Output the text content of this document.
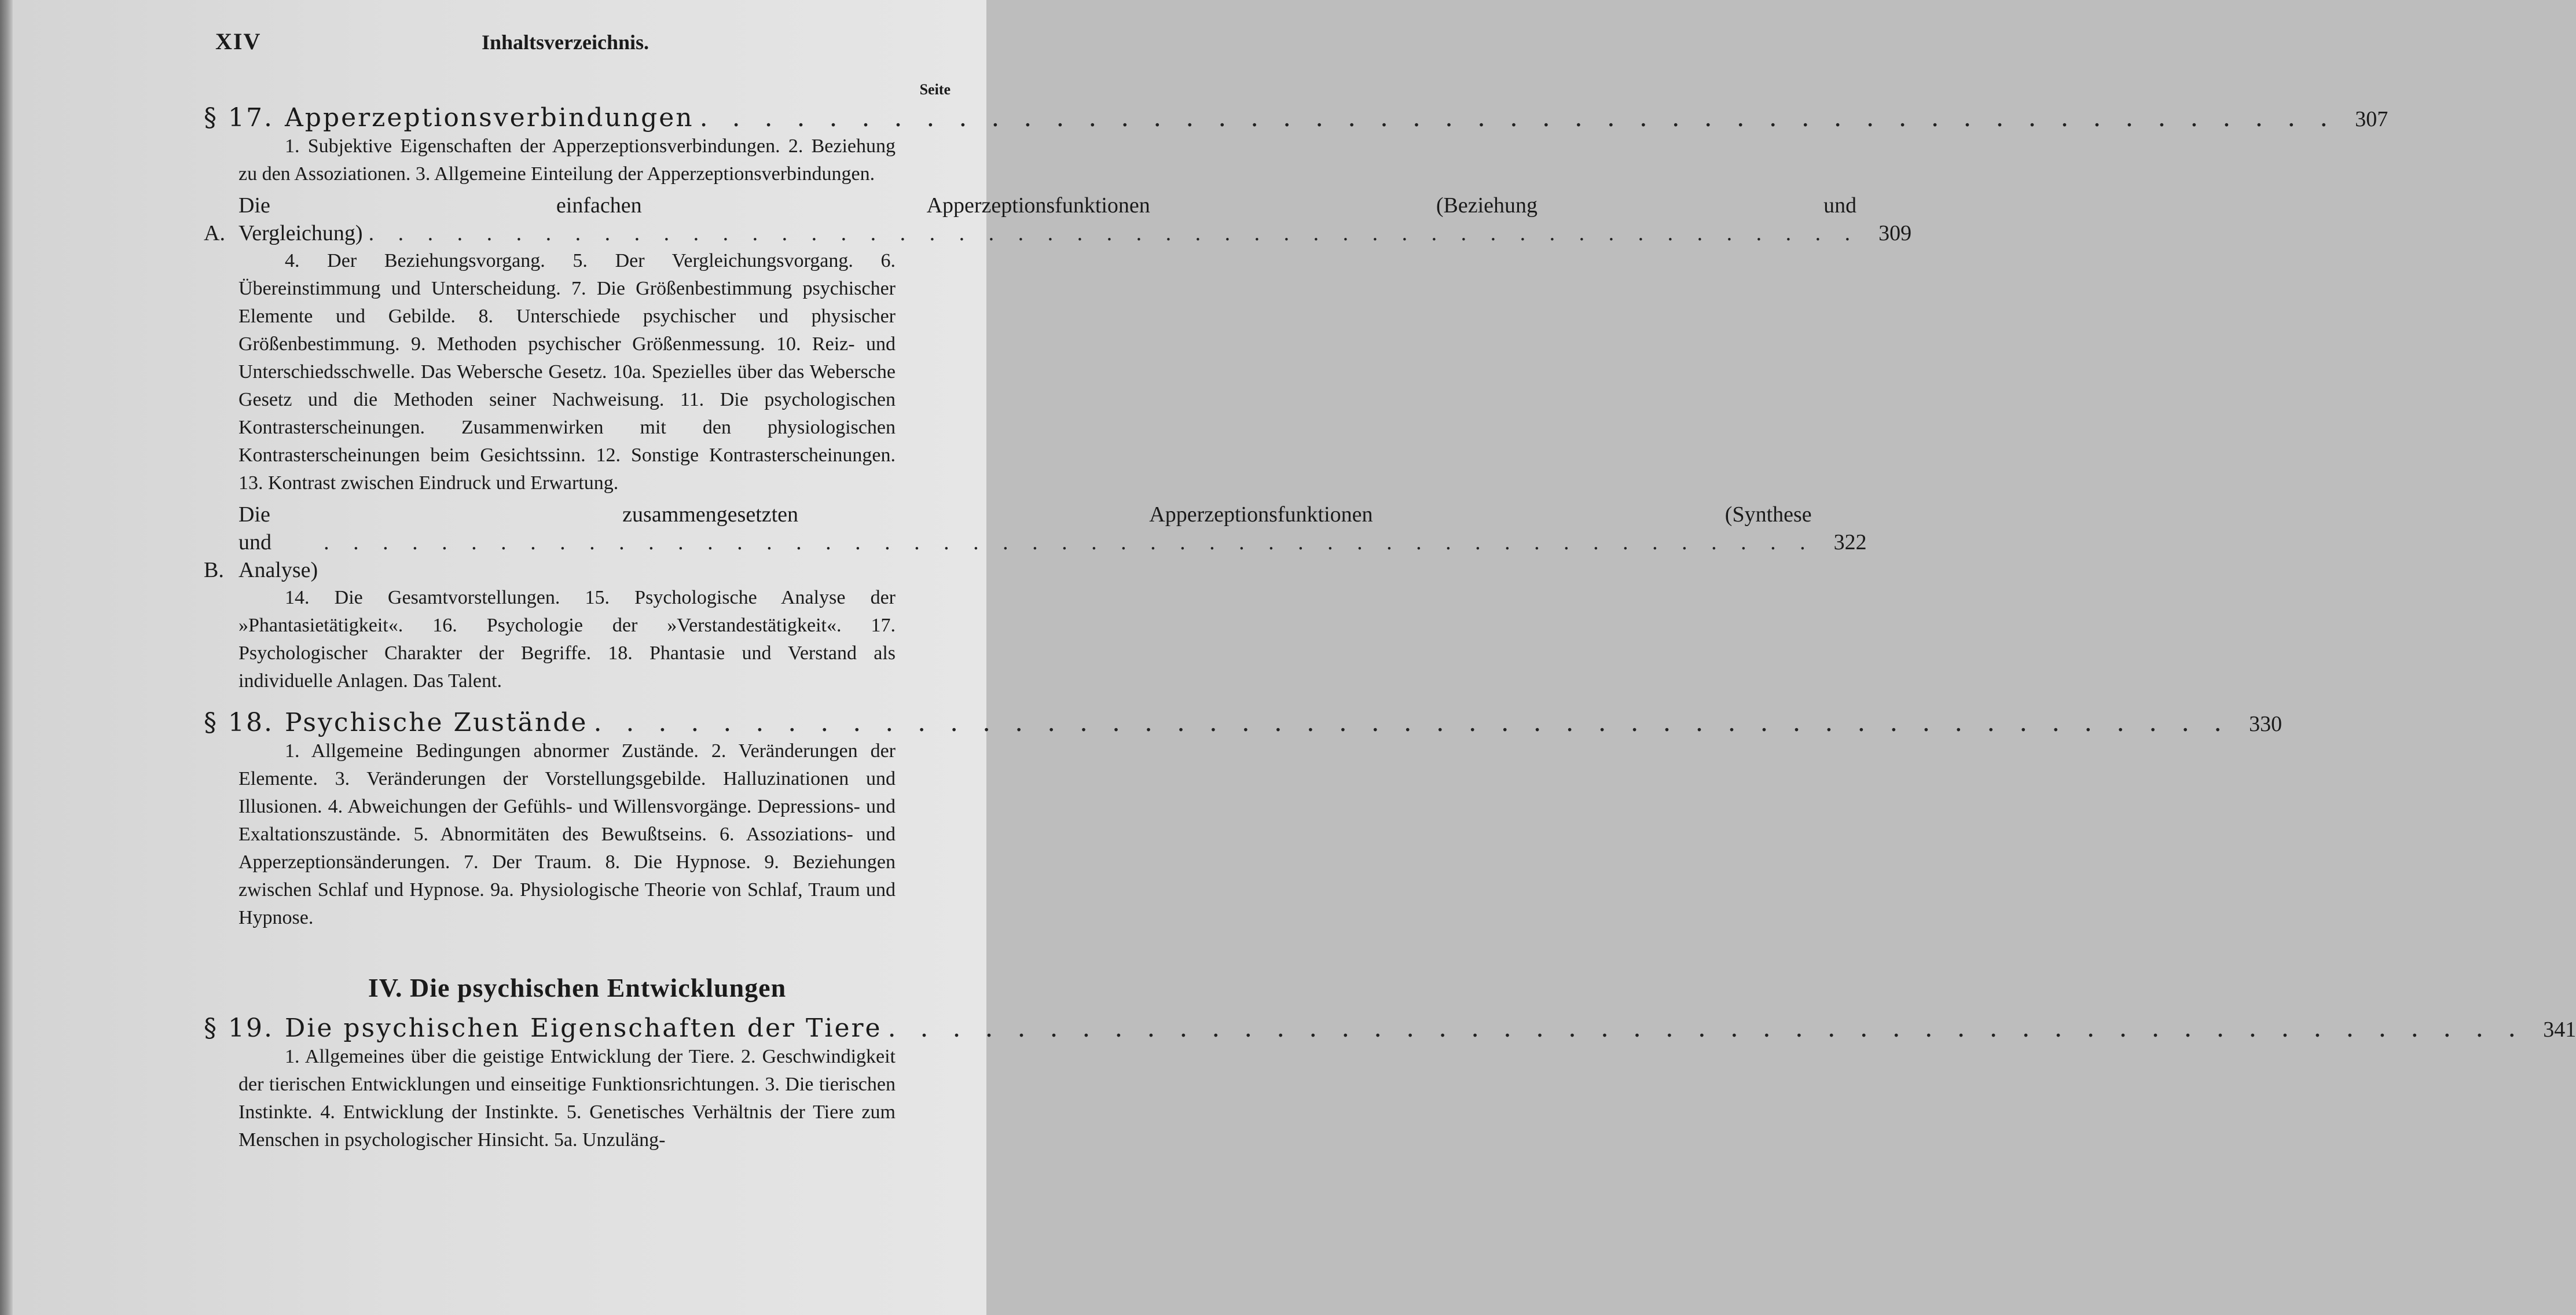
XIV	Inhaltsverzeichnis.
Seite
§ 17. Apperzeptionsverbindungen . . . . . . . . . . . . . . . . . . . . . . . . . . . . . . . . . . . . . . . . . . . . . . . . . . . 307
1. Subjektive Eigenschaften der Apperzeptionsverbindungen. 2. Beziehung zu den Assoziationen. 3. Allgemeine Einteilung der Apperzeptionsverbindungen.
A.
Die einfachen Apperzeptionsfunktionen (Beziehung und
Vergleichung) . . . . . . . . . . . . . . . . . . . . . . . . . . . . . . . . . . . . . . . . . . . . . . . . . . . 309
4. Der Beziehungsvorgang. 5. Der Vergleichungsvorgang. 6. Übereinstimmung und Unterscheidung. 7. Die Größenbestimmung psychischer Elemente und Gebilde. 8. Unterschiede psychischer und physischer Größenbestimmung. 9. Methoden psychischer Größenmessung. 10. Reiz- und Unterschiedsschwelle. Das Webersche Gesetz. 10a. Spezielles über das Webersche Gesetz und die Methoden seiner Nachweisung. 11. Die psychologischen Kontrasterscheinungen. Zusammenwirken mit den physiologischen Kontrasterscheinungen beim Gesichtssinn. 12. Sonstige Kontrasterscheinungen. 13. Kontrast zwischen Eindruck und Erwartung.
B.
Die zusammengesetzten Apperzeptionsfunktionen (Synthese
und Analyse)
. . . . . . . . . . . . . . . . . . . . . . . . . . . . . . . . . . . . . . . . . . . . . . . . . . . 322
14. Die Gesamtvorstellungen. 15. Psychologische Analyse der »Phantasietätigkeit«. 16. Psychologie der »Verstandestätigkeit«. 17. Psychologischer Charakter der Begriffe. 18. Phantasie und Verstand als individuelle Anlagen. Das Talent.
§ 18. Psychische Zustände . . . . . . . . . . . . . . . . . . . . . . . . . . . . . . . . . . . . . . . . . . . . . . . . . . . 330
1. Allgemeine Bedingungen abnormer Zustände. 2. Veränderungen der Elemente. 3. Veränderungen der Vorstellungsgebilde. Halluzinationen und Illusionen. 4. Abweichungen der Gefühls- und Willensvorgänge. Depressions- und Exaltationszustände. 5. Abnormitäten des Bewußtseins. 6. Assoziations- und Apperzeptionsänderungen. 7. Der Traum. 8. Die Hypnose. 9. Beziehungen zwischen Schlaf und Hypnose. 9a. Physiologische Theorie von Schlaf, Traum und Hypnose.
IV. Die psychischen Entwicklungen
§ 19. Die psychischen Eigenschaften der Tiere . . . . . . . . . . . . . . . . . . . . . . . . . . . . . . . . . . . . . . . . . . . . . . . . . . . 341
1. Allgemeines über die geistige Entwicklung der Tiere. 2. Geschwindigkeit der tierischen Entwicklungen und einseitige Funktionsrichtungen. 3. Die tierischen Instinkte. 4. Entwicklung der Instinkte. 5. Genetisches Verhältnis der Tiere zum Menschen in psychologischer Hinsicht. 5a. Unzuläng-
